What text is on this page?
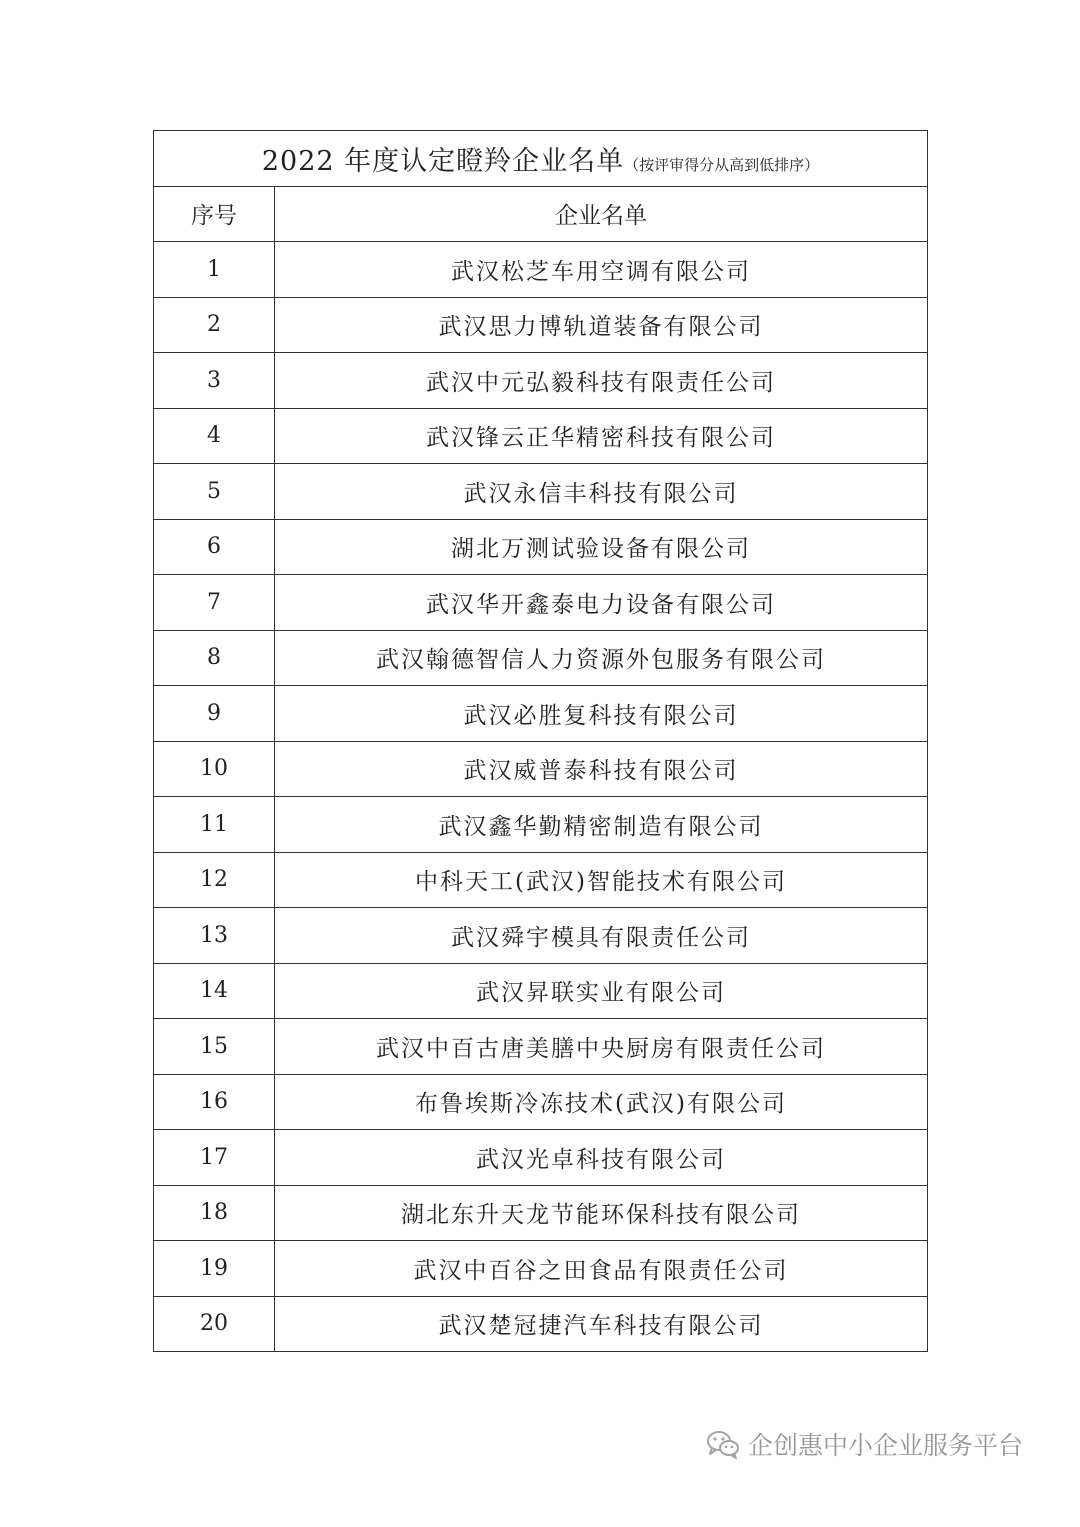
2022 年度认定瞪羚企业名单（按评审得分从高到低排序）	
序号	企业名单
1	武汉松芝车用空调有限公司
2	武汉思力博轨道装备有限公司
3	武汉中元弘毅科技有限责任公司
4	武汉锋云正华精密科技有限公司
5	武汉永信丰科技有限公司
6	湖北万测试验设备有限公司
7	武汉华开鑫泰电力设备有限公司
8	武汉翰德智信人力资源外包服务有限公司
9	武汉必胜复科技有限公司
10	武汉威普泰科技有限公司
11	武汉鑫华勤精密制造有限公司
12	中科天工(武汉)智能技术有限公司
13	武汉舜宇模具有限责任公司
14	武汉昇联实业有限公司
15	武汉中百古唐美膳中央厨房有限责任公司
16	布鲁埃斯冷冻技术(武汉)有限公司
17	武汉光卓科技有限公司
18	湖北东升天龙节能环保科技有限公司
19	武汉中百谷之田食品有限责任公司
20	武汉楚冠捷汽车科技有限公司
企创惠中小企业服务平台
